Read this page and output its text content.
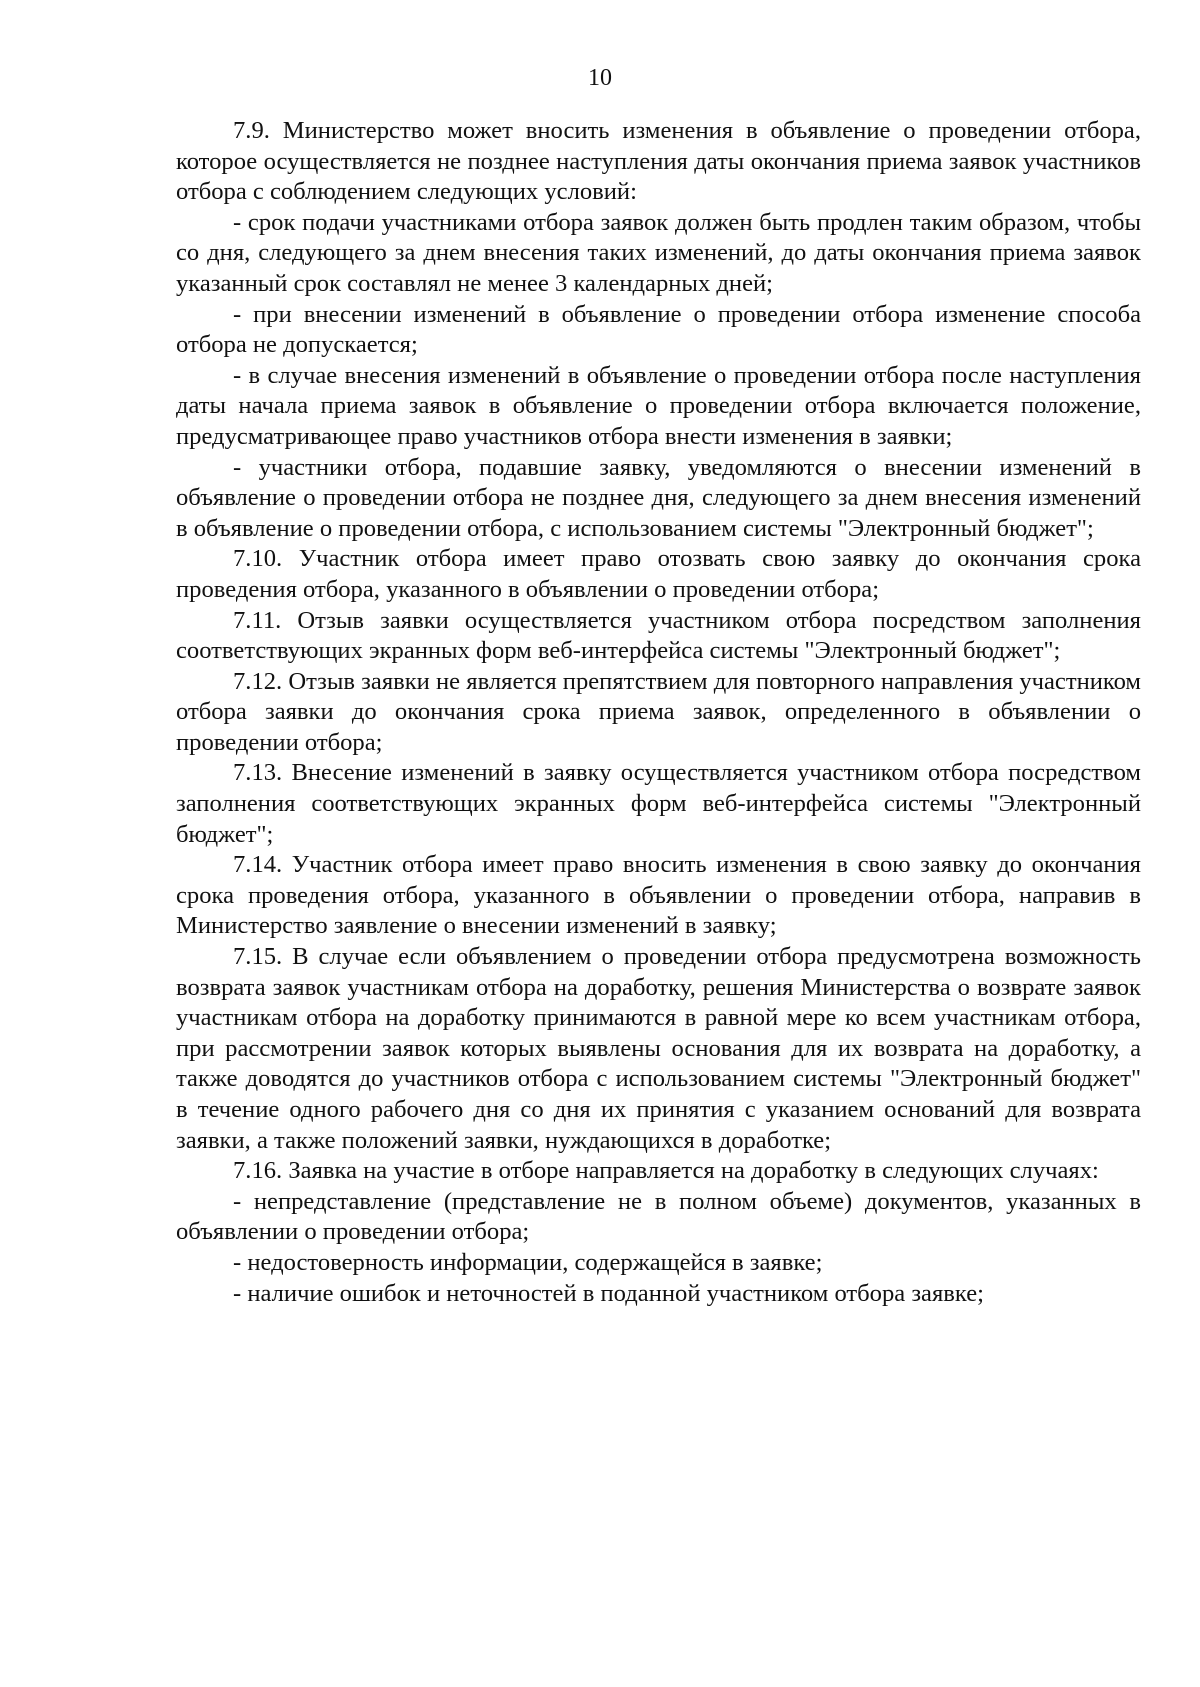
10

7.9. Министерство может вносить изменения в объявление о проведении отбора, которое осуществляется не позднее наступления даты окончания приема заявок участников отбора с соблюдением следующих условий:

- срок подачи участниками отбора заявок должен быть продлен таким образом, чтобы со дня, следующего за днем внесения таких изменений, до даты окончания приема заявок указанный срок составлял не менее 3 календарных дней;

- при внесении изменений в объявление о проведении отбора изменение способа отбора не допускается;

- в случае внесения изменений в объявление о проведении отбора после наступления даты начала приема заявок в объявление о проведении отбора включается положение, предусматривающее право участников отбора внести изменения в заявки;

- участники отбора, подавшие заявку, уведомляются о внесении изменений в объявление о проведении отбора не позднее дня, следующего за днем внесения изменений в объявление о проведении отбора, с использованием системы "Электронный бюджет";

7.10. Участник отбора имеет право отозвать свою заявку до окончания срока проведения отбора, указанного в объявлении о проведении отбора;

7.11. Отзыв заявки осуществляется участником отбора посредством заполнения соответствующих экранных форм веб-интерфейса системы "Электронный бюджет";

7.12. Отзыв заявки не является препятствием для повторного направления участником отбора заявки до окончания срока приема заявок, определенного в объявлении о проведении отбора;

7.13. Внесение изменений в заявку осуществляется участником отбора посредством заполнения соответствующих экранных форм веб-интерфейса системы "Электронный бюджет";

7.14. Участник отбора имеет право вносить изменения в свою заявку до окончания срока проведения отбора, указанного в объявлении о проведении отбора, направив в Министерство заявление о внесении изменений в заявку;

7.15. В случае если объявлением о проведении отбора предусмотрена возможность возврата заявок участникам отбора на доработку, решения Министерства о возврате заявок участникам отбора на доработку принимаются в равной мере ко всем участникам отбора, при рассмотрении заявок которых выявлены основания для их возврата на доработку, а также доводятся до участников отбора с использованием системы "Электронный бюджет" в течение одного рабочего дня со дня их принятия с указанием оснований для возврата заявки, а также положений заявки, нуждающихся в доработке;

7.16. Заявка на участие в отборе направляется на доработку в следующих случаях:

- непредставление (представление не в полном объеме) документов, указанных в объявлении о проведении отбора;

- недостоверность информации, содержащейся в заявке;

- наличие ошибок и неточностей в поданной участником отбора заявке;
